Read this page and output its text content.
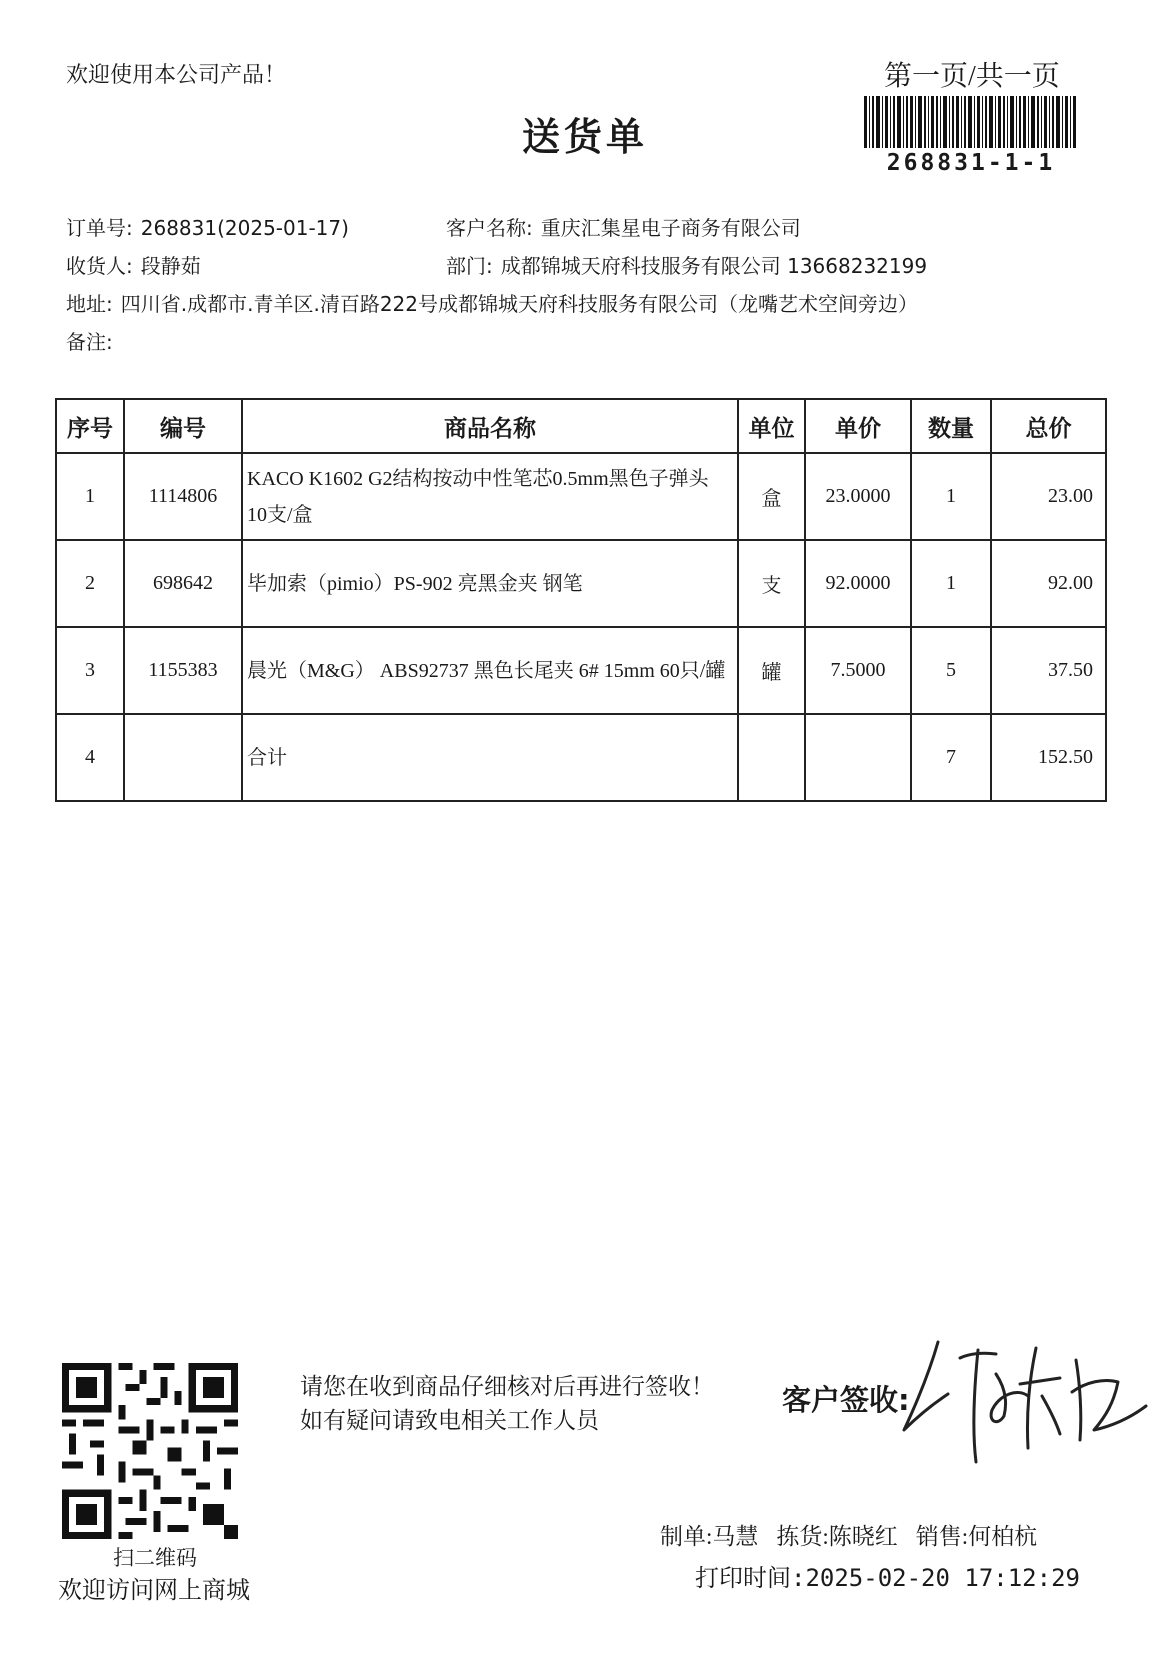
欢迎使用本公司产品！	第一页/共一页
送货单
268831-1-1
订单号: 268831(2025-01-17)	客户名称: 重庆汇集星电子商务有限公司
收货人: 段静茹	部门: 成都锦城天府科技服务有限公司 13668232199
地址: 四川省.成都市.青羊区.清百路222号成都锦城天府科技服务有限公司（龙嘴艺术空间旁边）
备注:
序号	编号	商品名称	单位	单价	数量	总价
1	1114806	KACO K1602 G2结构按动中性笔芯0.5mm黑色子弹头 10支/盒	盒	23.0000	1	23.00
2	698642	毕加索（pimio）PS-902 亮黑金夹 钢笔	支	92.0000	1	92.00
3	1155383	晨光（M&G） ABS92737 黑色长尾夹 6# 15mm 60只/罐	罐	7.5000	5	37.50
4		合计			7	152.50
扫二维码
欢迎访问网上商城
请您在收到商品仔细核对后再进行签收！如有疑问请致电相关工作人员
客户签收:
制单:马慧 拣货:陈晓红 销售:何柏杭
打印时间:2025-02-20 17:12:29
